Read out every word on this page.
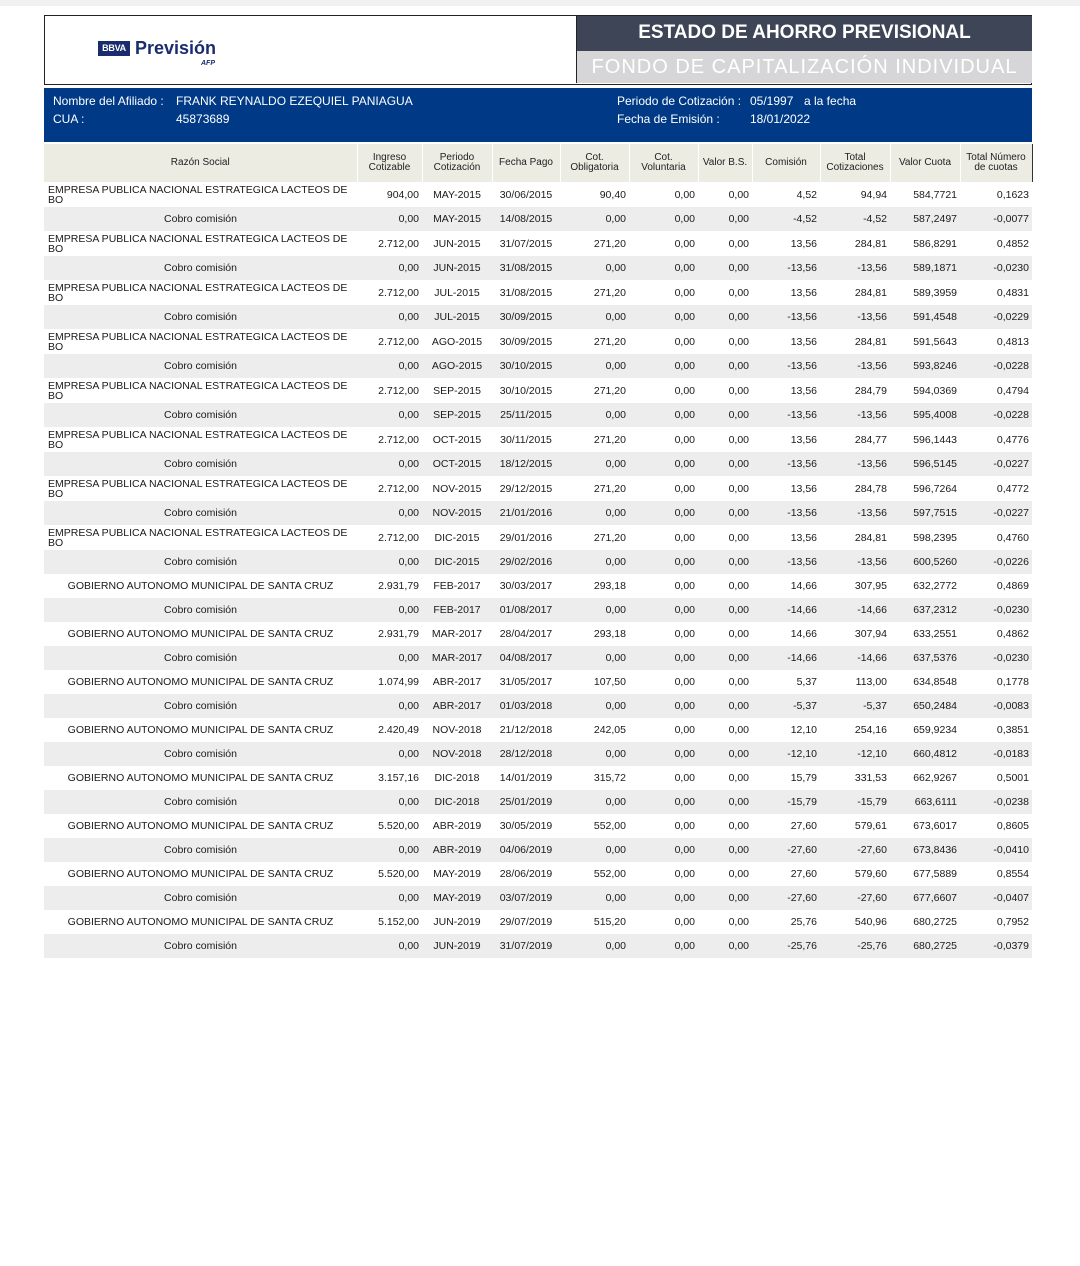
BBVA Previsión
AFP
ESTADO DE AHORRO PREVISIONAL
FONDO DE CAPITALIZACIÓN INDIVIDUAL
Nombre del Afiliado : FRANK REYNALDO EZEQUIEL PANIAGUA
CUA :	45873689
Periodo de Cotización : 05/1997 a la fecha
Fecha de Emisión :	18/01/2022
Razón Social	Ingreso Cotizable	Periodo Cotización	Fecha Pago	Cot. Obligatoria	Cot. Voluntaria	Valor B.S.	Comisión	Total Cotizaciones	Valor Cuota	Total Número de cuotas
EMPRESA PUBLICA NACIONAL ESTRATEGICA LACTEOS DE BO	904,00	MAY-2015	30/06/2015	90,40	0,00	0,00	4,52	94,94	584,7721	0,1623
Cobro comisión	0,00	MAY-2015	14/08/2015	0,00	0,00	0,00	-4,52	-4,52	587,2497	-0,0077
EMPRESA PUBLICA NACIONAL ESTRATEGICA LACTEOS DE BO	2.712,00	JUN-2015	31/07/2015	271,20	0,00	0,00	13,56	284,81	586,8291	0,4852
Cobro comisión	0,00	JUN-2015	31/08/2015	0,00	0,00	0,00	-13,56	-13,56	589,1871	-0,0230
EMPRESA PUBLICA NACIONAL ESTRATEGICA LACTEOS DE BO	2.712,00	JUL-2015	31/08/2015	271,20	0,00	0,00	13,56	284,81	589,3959	0,4831
Cobro comisión	0,00	JUL-2015	30/09/2015	0,00	0,00	0,00	-13,56	-13,56	591,4548	-0,0229
EMPRESA PUBLICA NACIONAL ESTRATEGICA LACTEOS DE BO	2.712,00	AGO-2015	30/09/2015	271,20	0,00	0,00	13,56	284,81	591,5643	0,4813
Cobro comisión	0,00	AGO-2015	30/10/2015	0,00	0,00	0,00	-13,56	-13,56	593,8246	-0,0228
EMPRESA PUBLICA NACIONAL ESTRATEGICA LACTEOS DE BO	2.712,00	SEP-2015	30/10/2015	271,20	0,00	0,00	13,56	284,79	594,0369	0,4794
Cobro comisión	0,00	SEP-2015	25/11/2015	0,00	0,00	0,00	-13,56	-13,56	595,4008	-0,0228
EMPRESA PUBLICA NACIONAL ESTRATEGICA LACTEOS DE BO	2.712,00	OCT-2015	30/11/2015	271,20	0,00	0,00	13,56	284,77	596,1443	0,4776
Cobro comisión	0,00	OCT-2015	18/12/2015	0,00	0,00	0,00	-13,56	-13,56	596,5145	-0,0227
EMPRESA PUBLICA NACIONAL ESTRATEGICA LACTEOS DE BO	2.712,00	NOV-2015	29/12/2015	271,20	0,00	0,00	13,56	284,78	596,7264	0,4772
Cobro comisión	0,00	NOV-2015	21/01/2016	0,00	0,00	0,00	-13,56	-13,56	597,7515	-0,0227
EMPRESA PUBLICA NACIONAL ESTRATEGICA LACTEOS DE BO	2.712,00	DIC-2015	29/01/2016	271,20	0,00	0,00	13,56	284,81	598,2395	0,4760
Cobro comisión	0,00	DIC-2015	29/02/2016	0,00	0,00	0,00	-13,56	-13,56	600,5260	-0,0226
GOBIERNO AUTONOMO MUNICIPAL DE SANTA CRUZ	2.931,79	FEB-2017	30/03/2017	293,18	0,00	0,00	14,66	307,95	632,2772	0,4869
Cobro comisión	0,00	FEB-2017	01/08/2017	0,00	0,00	0,00	-14,66	-14,66	637,2312	-0,0230
GOBIERNO AUTONOMO MUNICIPAL DE SANTA CRUZ	2.931,79	MAR-2017	28/04/2017	293,18	0,00	0,00	14,66	307,94	633,2551	0,4862
Cobro comisión	0,00	MAR-2017	04/08/2017	0,00	0,00	0,00	-14,66	-14,66	637,5376	-0,0230
GOBIERNO AUTONOMO MUNICIPAL DE SANTA CRUZ	1.074,99	ABR-2017	31/05/2017	107,50	0,00	0,00	5,37	113,00	634,8548	0,1778
Cobro comisión	0,00	ABR-2017	01/03/2018	0,00	0,00	0,00	-5,37	-5,37	650,2484	-0,0083
GOBIERNO AUTONOMO MUNICIPAL DE SANTA CRUZ	2.420,49	NOV-2018	21/12/2018	242,05	0,00	0,00	12,10	254,16	659,9234	0,3851
Cobro comisión	0,00	NOV-2018	28/12/2018	0,00	0,00	0,00	-12,10	-12,10	660,4812	-0,0183
GOBIERNO AUTONOMO MUNICIPAL DE SANTA CRUZ	3.157,16	DIC-2018	14/01/2019	315,72	0,00	0,00	15,79	331,53	662,9267	0,5001
Cobro comisión	0,00	DIC-2018	25/01/2019	0,00	0,00	0,00	-15,79	-15,79	663,6111	-0,0238
GOBIERNO AUTONOMO MUNICIPAL DE SANTA CRUZ	5.520,00	ABR-2019	30/05/2019	552,00	0,00	0,00	27,60	579,61	673,6017	0,8605
Cobro comisión	0,00	ABR-2019	04/06/2019	0,00	0,00	0,00	-27,60	-27,60	673,8436	-0,0410
GOBIERNO AUTONOMO MUNICIPAL DE SANTA CRUZ	5.520,00	MAY-2019	28/06/2019	552,00	0,00	0,00	27,60	579,60	677,5889	0,8554
Cobro comisión	0,00	MAY-2019	03/07/2019	0,00	0,00	0,00	-27,60	-27,60	677,6607	-0,0407
GOBIERNO AUTONOMO MUNICIPAL DE SANTA CRUZ	5.152,00	JUN-2019	29/07/2019	515,20	0,00	0,00	25,76	540,96	680,2725	0,7952
Cobro comisión	0,00	JUN-2019	31/07/2019	0,00	0,00	0,00	-25,76	-25,76	680,2725	-0,0379
